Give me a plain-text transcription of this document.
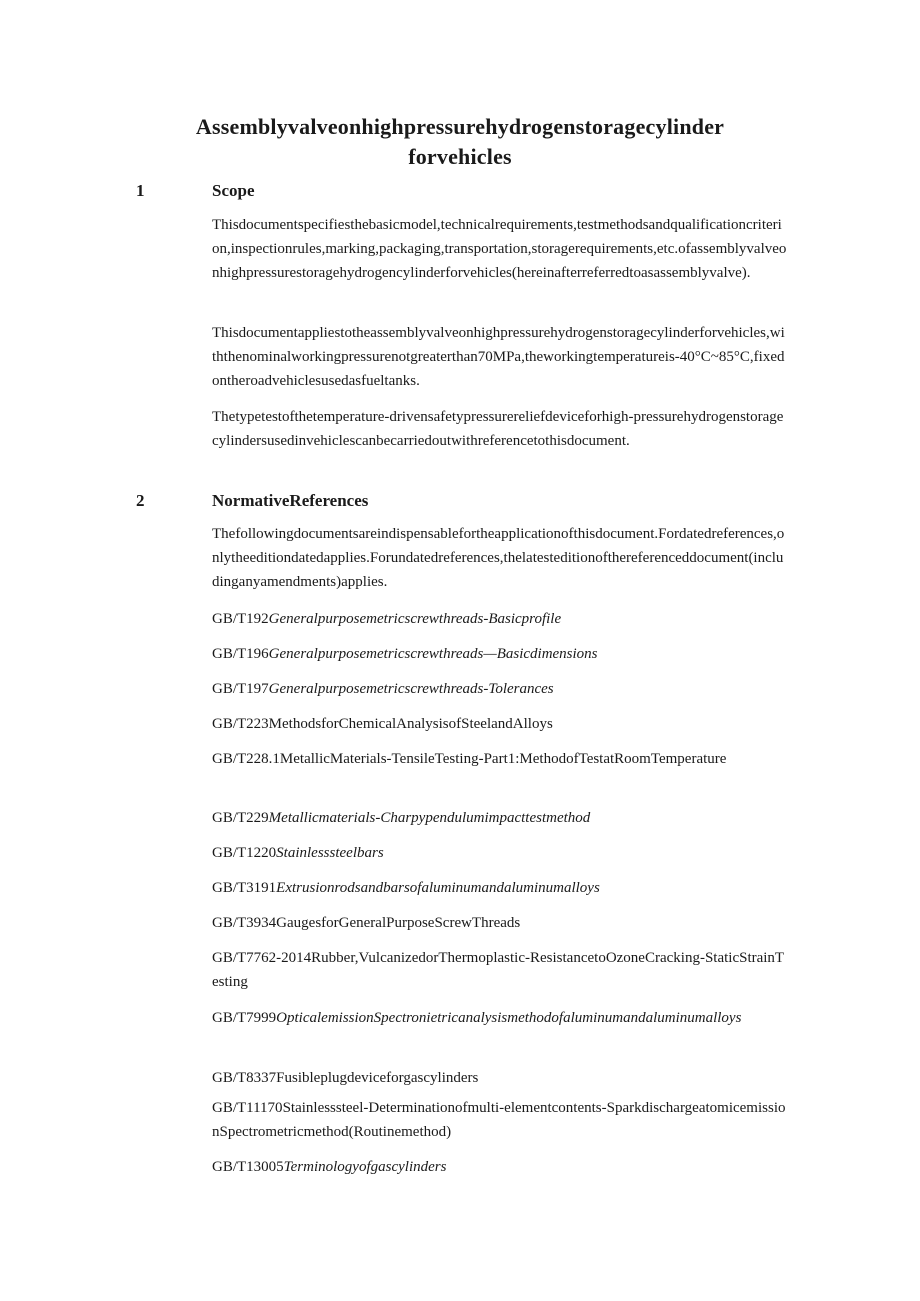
Assemblyvalveonhighpressurehydrogenstoragecylinder
forvehicles
1	Scope
Thisdocumentspecifiesthebasicmodel,technicalrequirements,testmethodsandqualificationcriterion,inspectionrules,marking,packaging,transportation,storagerequirements,etc.ofassemblyvalveonhighpressurestoragehydrogencylinderforvehicles(hereinafterreferredtoasassemblyvalve).
Thisdocumentappliestotheassemblyvalveonhighpressurehydrogenstoragecylinderforvehicles,withthenominalworkingpressurenotgreaterthan70MPa,theworkingtemperatureis-40°C~85°C,fixedontheroadvehiclesusedasfueltanks.
Thetypetestofthetemperature-drivensafetypressurereliefdeviceforhigh-pressurehydrogenstoragecylindersusedinvehiclescanbecarriedoutwithreferencetothisdocument.
2	NormativeReferences
Thefollowingdocumentsareindispensablefortheapplicationofthisdocument.Fordatedreferences,onlytheeditiondatedapplies.Forundatedreferences,thelatesteditionofthereferenceddocument(includinganyamendments)applies.
GB/T192Generalpurposemetricscrewthreads-Basicprofile
GB/T196Generalpurposemetricscrewthreads—Basicdimensions
GB/T197Generalpurposemetricscrewthreads-Tolerances
GB/T223MethodsforChemicalAnalysisofSteelandAlloys
GB/T228.1MetallicMaterials-TensileTesting-Part1:MethodofTestatRoomTemperature
GB/T229Metallicmaterials-Charpypendulumimpacttestmethod
GB/T1220Stainlesssteelbars
GB/T3191Extrusionrodsandbarsofaluminumandaluminumalloys
GB/T3934GaugesforGeneralPurposeScrewThreads
GB/T7762-2014Rubber,VulcanizedorThermoplastic-ResistancetoOzoneCracking-StaticStrainTesting
GB/T7999OpticalemissionSpectronietricanalysismethodofaluminumandaluminumalloys
GB/T8337Fusibleplugdeviceforgascylinders
GB/T11170Stainlesssteel-Determinationofmulti-elementcontents-SparkdischargeatomicemissionSpectrometricmethod(Routinemethod)
GB/T13005Terminologyofgascylinders
